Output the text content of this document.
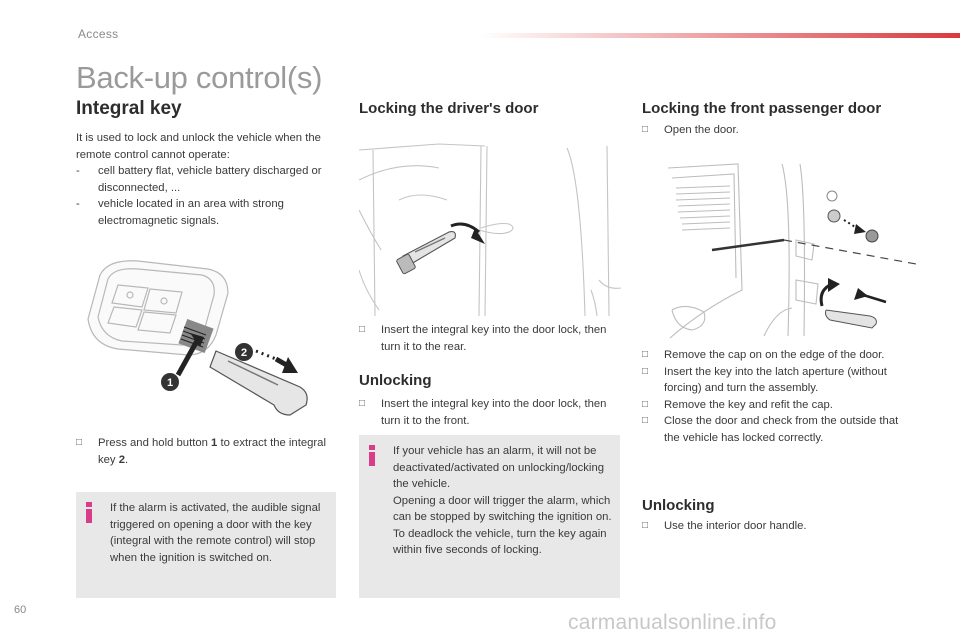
Access
Back-up control(s)
Integral key
It is used to lock and unlock the vehicle when the remote control cannot operate:
-	cell battery flat, vehicle battery discharged or disconnected, ...
-	vehicle located in an area with strong electromagnetic signals.
1
2
□	Press and hold button 1 to extract the integral key 2.
If the alarm is activated, the audible signal triggered on opening a door with the key (integral with the remote control) will stop when the ignition is switched on.
Locking the driver's door
□	Insert the integral key into the door lock, then turn it to the rear.
Unlocking
□	Insert the integral key into the door lock, then turn it to the front.
If your vehicle has an alarm, it will not be deactivated/activated on unlocking/locking the vehicle.
Opening a door will trigger the alarm, which can be stopped by switching the ignition on.
To deadlock the vehicle, turn the key again within five seconds of locking.
Locking the front passenger door
□	Open the door.
□	Remove the cap on on the edge of the door.
□	Insert the key into the latch aperture (without forcing) and turn the assembly.
□	Remove the key and refit the cap.
□	Close the door and check from the outside that the vehicle has locked correctly.
Unlocking
□	Use the interior door handle.
60
carmanualsonline.info
